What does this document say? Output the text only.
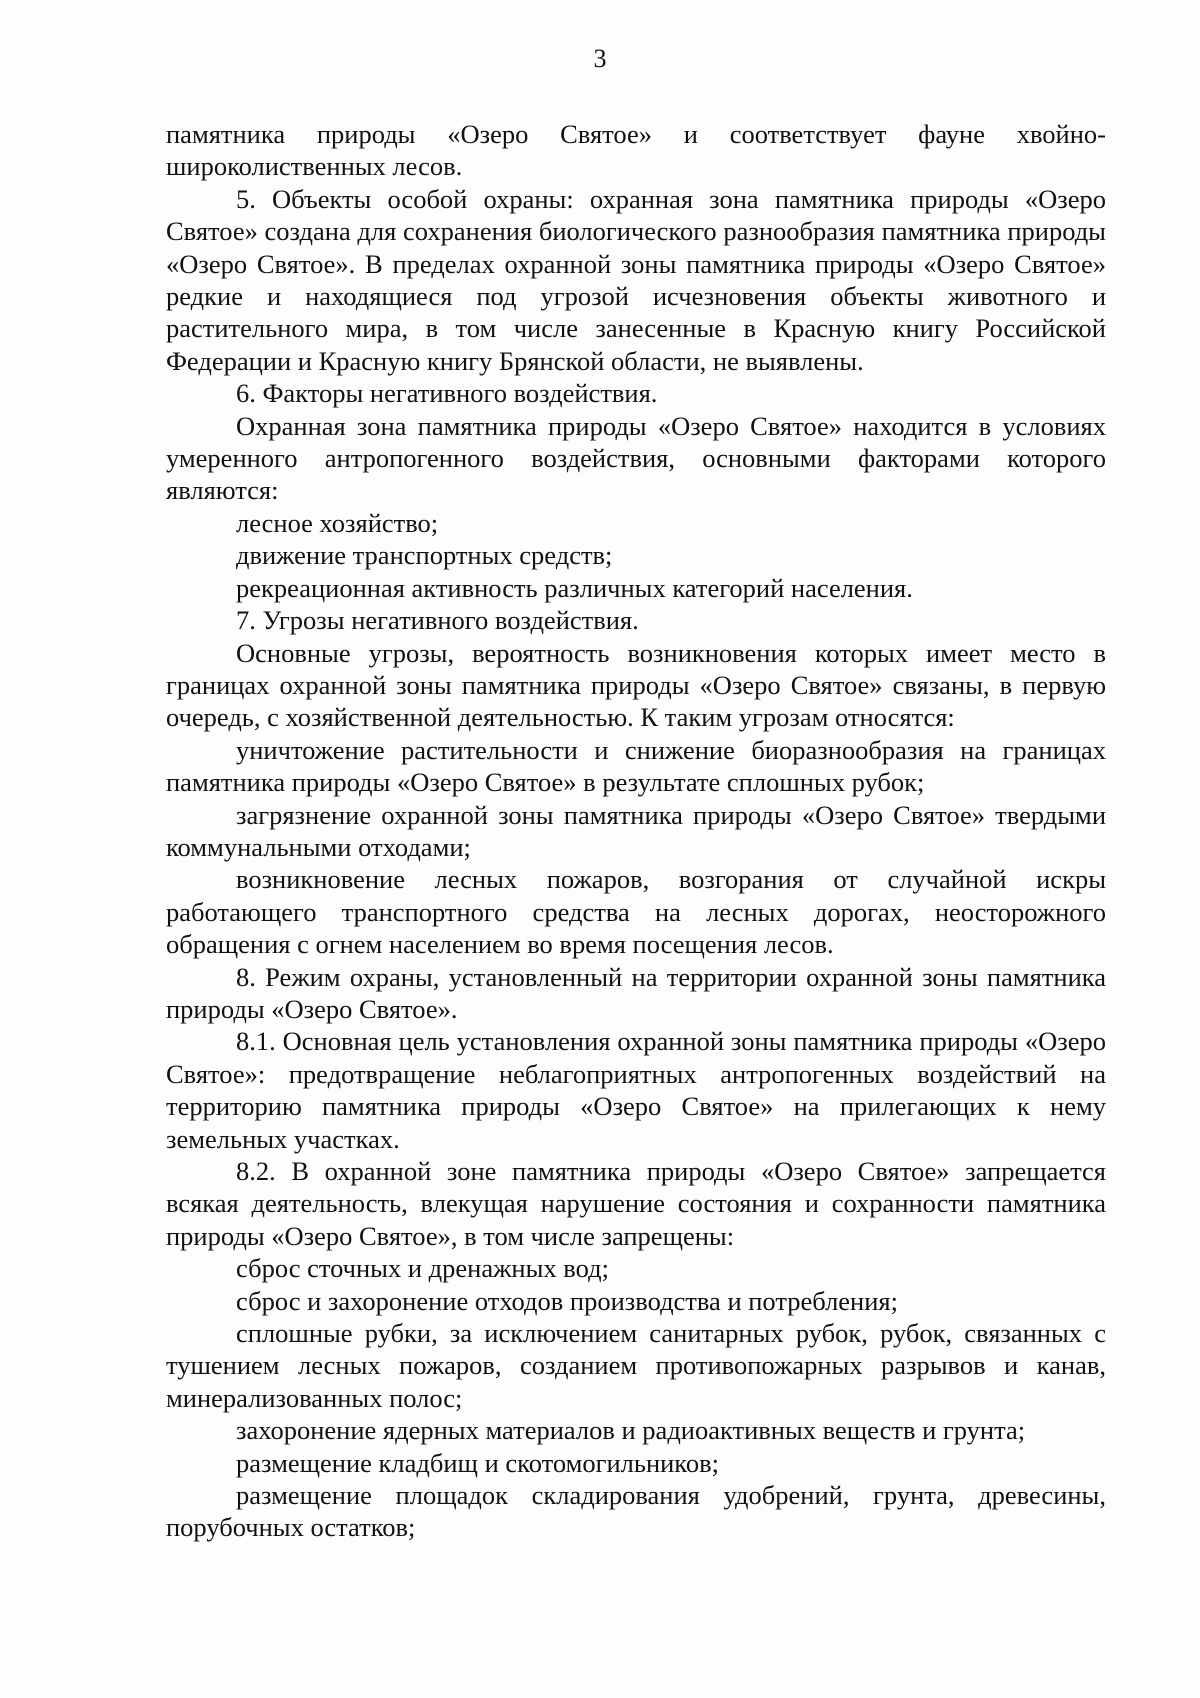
3

памятника природы «Озеро Святое» и соответствует фауне хвойно-широколиственных лесов.

5. Объекты особой охраны: охранная зона памятника природы «Озеро Святое» создана для сохранения биологического разнообразия памятника природы «Озеро Святое». В пределах охранной зоны памятника природы «Озеро Святое» редкие и находящиеся под угрозой исчезновения объекты животного и растительного мира, в том числе занесенные в Красную книгу Российской Федерации и Красную книгу Брянской области, не выявлены.

6. Факторы негативного воздействия.

Охранная зона памятника природы «Озеро Святое» находится в условиях умеренного антропогенного воздействия, основными факторами которого являются:

лесное хозяйство;

движение транспортных средств;

рекреационная активность различных категорий населения.

7. Угрозы негативного воздействия.

Основные угрозы, вероятность возникновения которых имеет место в границах охранной зоны памятника природы «Озеро Святое» связаны, в первую очередь, с хозяйственной деятельностью. К таким угрозам относятся:

уничтожение растительности и снижение биоразнообразия на границах памятника природы «Озеро Святое» в результате сплошных рубок;

загрязнение охранной зоны памятника природы «Озеро Святое» твердыми коммунальными отходами;

возникновение лесных пожаров, возгорания от случайной искры работающего транспортного средства на лесных дорогах, неосторожного обращения с огнем населением во время посещения лесов.

8. Режим охраны, установленный на территории охранной зоны памятника природы «Озеро Святое».

8.1. Основная цель установления охранной зоны памятника природы «Озеро Святое»: предотвращение неблагоприятных антропогенных воздействий на территорию памятника природы «Озеро Святое» на прилегающих к нему земельных участках.

8.2. В охранной зоне памятника природы «Озеро Святое» запрещается всякая деятельность, влекущая нарушение состояния и сохранности памятника природы «Озеро Святое», в том числе запрещены:

сброс сточных и дренажных вод;

сброс и захоронение отходов производства и потребления;

сплошные рубки, за исключением санитарных рубок, рубок, связанных с тушением лесных пожаров, созданием противопожарных разрывов и канав, минерализованных полос;

захоронение ядерных материалов и радиоактивных веществ и грунта;

размещение кладбищ и скотомогильников;

размещение площадок складирования удобрений, грунта, древесины, порубочных остатков;
